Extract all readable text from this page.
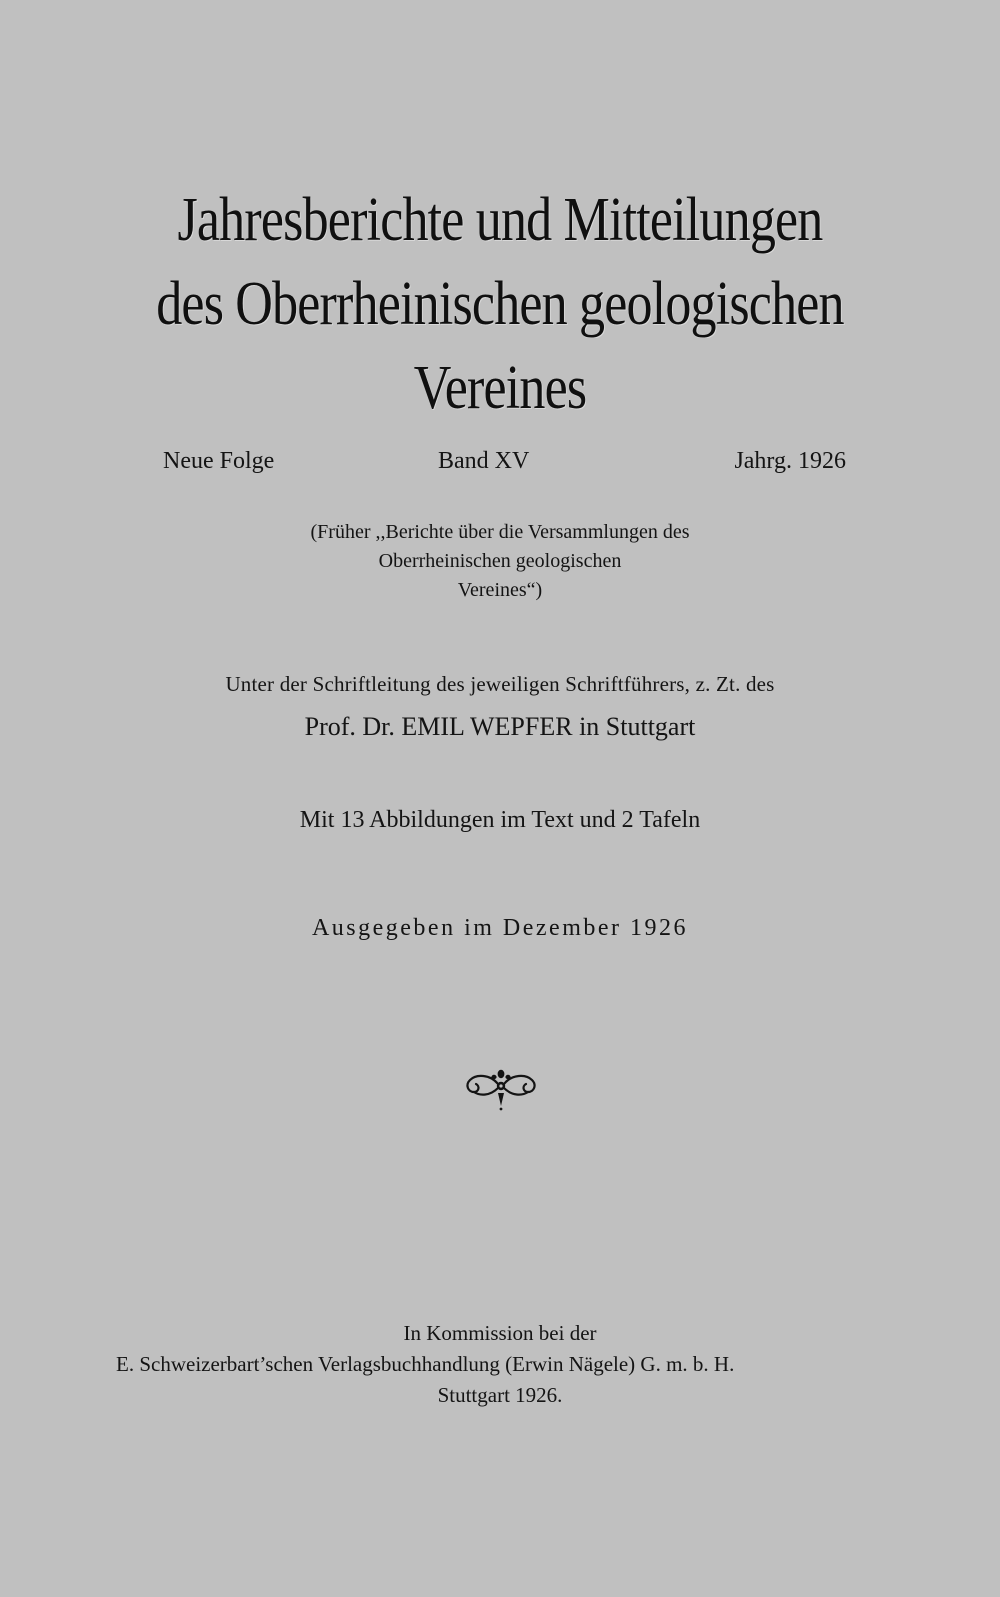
Jahresberichte und Mitteilungen
des Oberrheinischen geologischen
Vereines
Neue Folge	Band XV	Jahrg. 1926
(Früher ,,Berichte über die Versammlungen des
Oberrheinischen geologischen
Vereines“)
Unter der Schriftleitung des jeweiligen Schriftführers, z. Zt. des
Prof. Dr. EMIL WEPFER in Stuttgart
Mit 13 Abbildungen im Text und 2 Tafeln
Ausgegeben im Dezember 1926
In Kommission bei der
E. Schweizerbart’schen Verlagsbuchhandlung (Erwin Nägele) G. m. b. H.
Stuttgart 1926.
